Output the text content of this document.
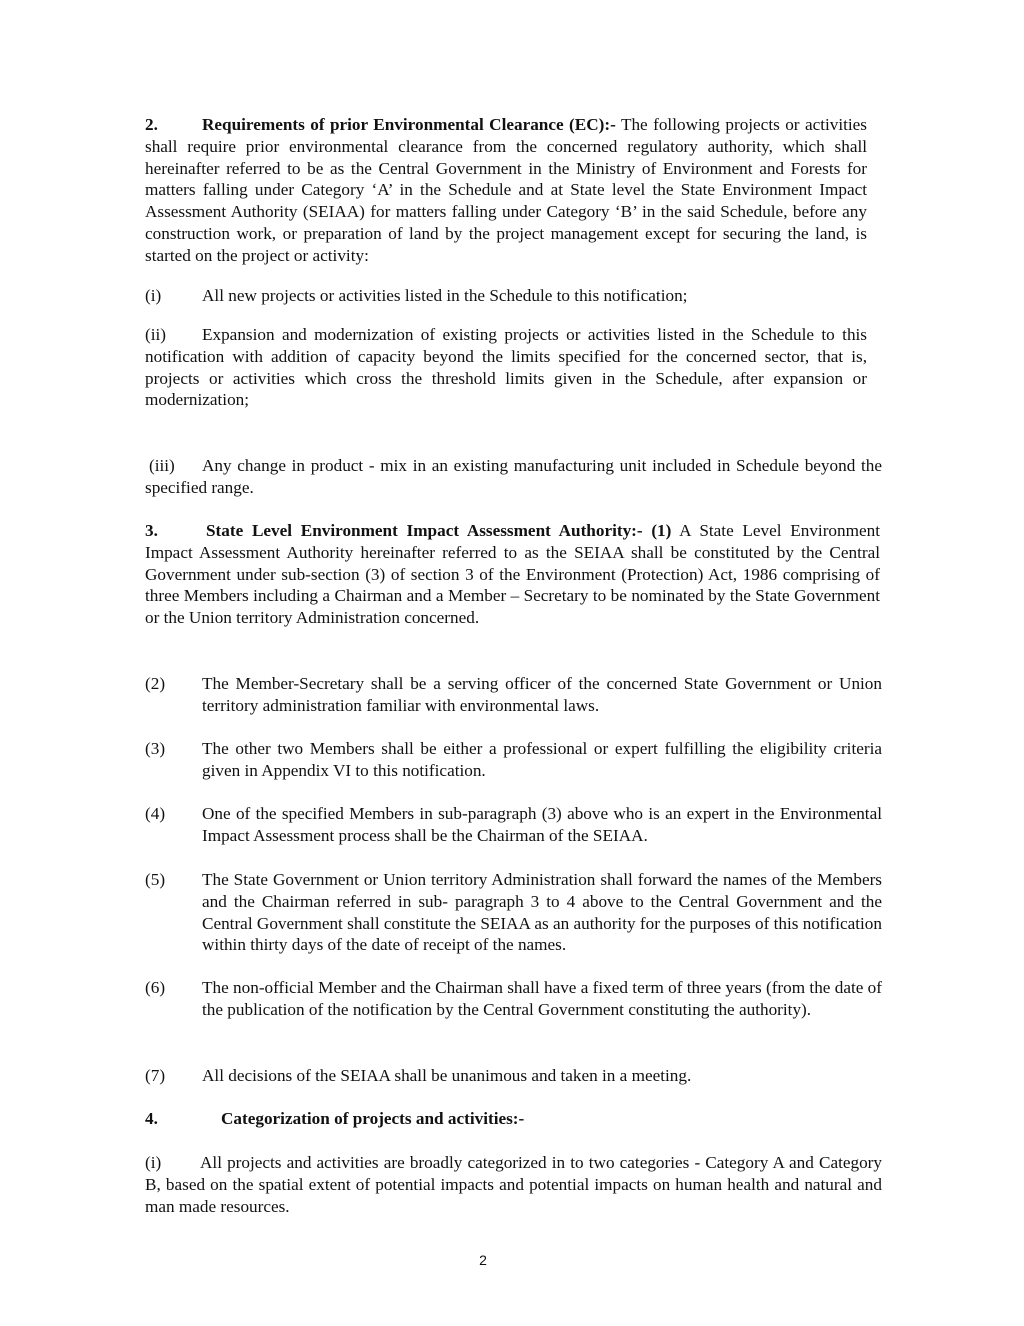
2.	Requirements of prior Environmental Clearance (EC):- The following projects or activities shall require prior environmental clearance from the concerned regulatory authority, which shall hereinafter referred to be as the Central Government in the Ministry of Environment and Forests for matters falling under Category ‘A’ in the Schedule and at State level the State Environment Impact Assessment Authority (SEIAA) for matters falling under Category ‘B’ in the said Schedule, before any construction work, or preparation of land by the project management except for securing the land, is started on the project or activity:
(i) All new projects or activities listed in the Schedule to this notification;
(ii) Expansion and modernization of existing projects or activities listed in the Schedule to this notification with addition of capacity beyond the limits specified for the concerned sector, that is, projects or activities which cross the threshold limits given in the Schedule, after expansion or modernization;
(iii) Any change in product - mix in an existing manufacturing unit included in Schedule beyond the specified range.
3.	State Level Environment Impact Assessment Authority:- (1) A State Level Environment Impact Assessment Authority hereinafter referred to as the SEIAA shall be constituted by the Central Government under sub-section (3) of section 3 of the Environment (Protection) Act, 1986 comprising of three Members including a Chairman and a Member – Secretary to be nominated by the State Government or the Union territory Administration concerned.
(2) The Member-Secretary shall be a serving officer of the concerned State Government or Union territory administration familiar with environmental laws.
(3) The other two Members shall be either a professional or expert fulfilling the eligibility criteria given in Appendix VI to this notification.
(4) One of the specified Members in sub-paragraph (3) above who is an expert in the Environmental Impact Assessment process shall be the Chairman of the SEIAA.
(5) The State Government or Union territory Administration shall forward the names of the Members and the Chairman referred in sub- paragraph 3 to 4 above to the Central Government and the Central Government shall constitute the SEIAA as an authority for the purposes of this notification within thirty days of the date of receipt of the names.
(6) The non-official Member and the Chairman shall have a fixed term of three years (from the date of the publication of the notification by the Central Government constituting the authority).
(7) All decisions of the SEIAA shall be unanimous and taken in a meeting.
4.	Categorization of projects and activities:-
(i) All projects and activities are broadly categorized in to two categories - Category A and Category B, based on the spatial extent of potential impacts and potential impacts on human health and natural and man made resources.
2
